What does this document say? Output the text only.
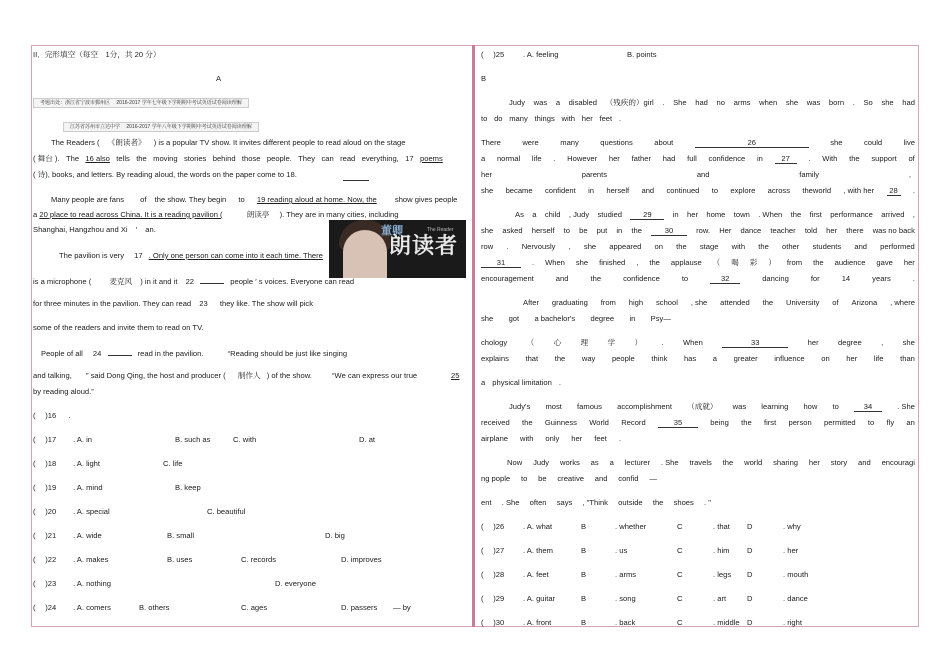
II．完形填空（每空　1分，共 20 分）
A
考题出处：浙江省宁波市鄞州区　 2016-2017 学年七年级下学期期中考试英语试卷阅读理解
江苏省苏州市立达中学　 2016-2017 学年八年级下学期期中考试英语试卷阅读理解
The Readers ( 《朗读者》 ) is a popular TV show. It invites different people to read aloud on the stage
( 舞台 ). The 16 also tells the moving stories behind those people. They can read everything, 17 poems
( 诗), books, and letters. By reading aloud, the words on the paper come to 18.
Many people are fans of the show. They begin to 19 reading aloud at home. Now, the show gives people
a 20 place to read across China. It is a reading pavilion (	朗读亭 ). They are in many cities, including
Shanghai, Hangzhou and Xi ′ an.	董卿	The Reader
朗读者
The pavilion is very 17 . Only one person can come into it each time. There
is a microphone ( 麦克风 ) in it and it 22	people ′ s voices. Everyone can read
for three minutes in the pavilion. They can read 23 they like. The show will pick
some of the readers and invite them to read on TV.
People of all 24	read in the pavilion.	“Reading should be just like singing
and talking, ” said Dong Qing, the host and producer ( 制作人 ) of the show.	“We can express our true	25
by reading aloud.”
(　 )16 .
(　 )17 . A. in	B. such as	C. with	D. at
(　 )18 . A. light	C. life
(　 )19 . A. mind	B. keep
(　 )20 . A. special	C. beautiful
(　 )21 . A. wide	B. small	D. big
(　 )22 . A. makes	B. uses	C. records	D. improves
(　 )23 . A. nothing	D. everyone
(　 )24 . A. comers	B. others	C. ages	D. passers — by
(　 )25 . A. feeling	B. points
B
Judy was a disabled （残疾的）girl . She had no arms when she was born . So she had
to do many things with her feet .
There	were	many	questions	about	26	she	could	live
a normal life . However her father had full confidence in	27	. With the support of
her	parents	and	family	,
she became confident in herself and continued to explore across theworld , with her	28	.
As a child , Judy studied	29	in her home town . When the first performance arrived ,
she asked herself to be put in the	30	row. Her dance teacher told her there was no back
row . Nervously , she appeared on the stage with the other students and performed
31	. When she finished , the applause （ 喝 彩 ） from the audience gave her
encouragement	and	the	confidence	to	32	dancing	for	14	years	.
After graduating from high school , she attended the University of Arizona , where
she got a bachelor's degree in Psy—
chology	（	心	理	学	）	.	When	33	her	degree	,	she
explains that the way people think has a greater influence on her life than
a physical limitation .
Judy's most famous accomplishment （成就） was learning how to	34	. She
received the Guinness World Record	35	being the first person permitted to fly an
airplane with only her feet .
Now Judy works as a lecturer . She travels the world sharing her story and encouragi
ng pople to be creative and confid —
ent . She often says , "Think outside the shoes . "
(　 )26 . A. what	B	. whether	C	. that D	. why
(　 )27 . A. them	B	. us	C	. him D	. her
(　 )28 . A. feet	B	. arms	C	. legs D	. mouth
(　 )29 . A. guitar	B	. song	C	. art	D	. dance
(　 )30 . A. front	B	. back	C	. middle D	. right
